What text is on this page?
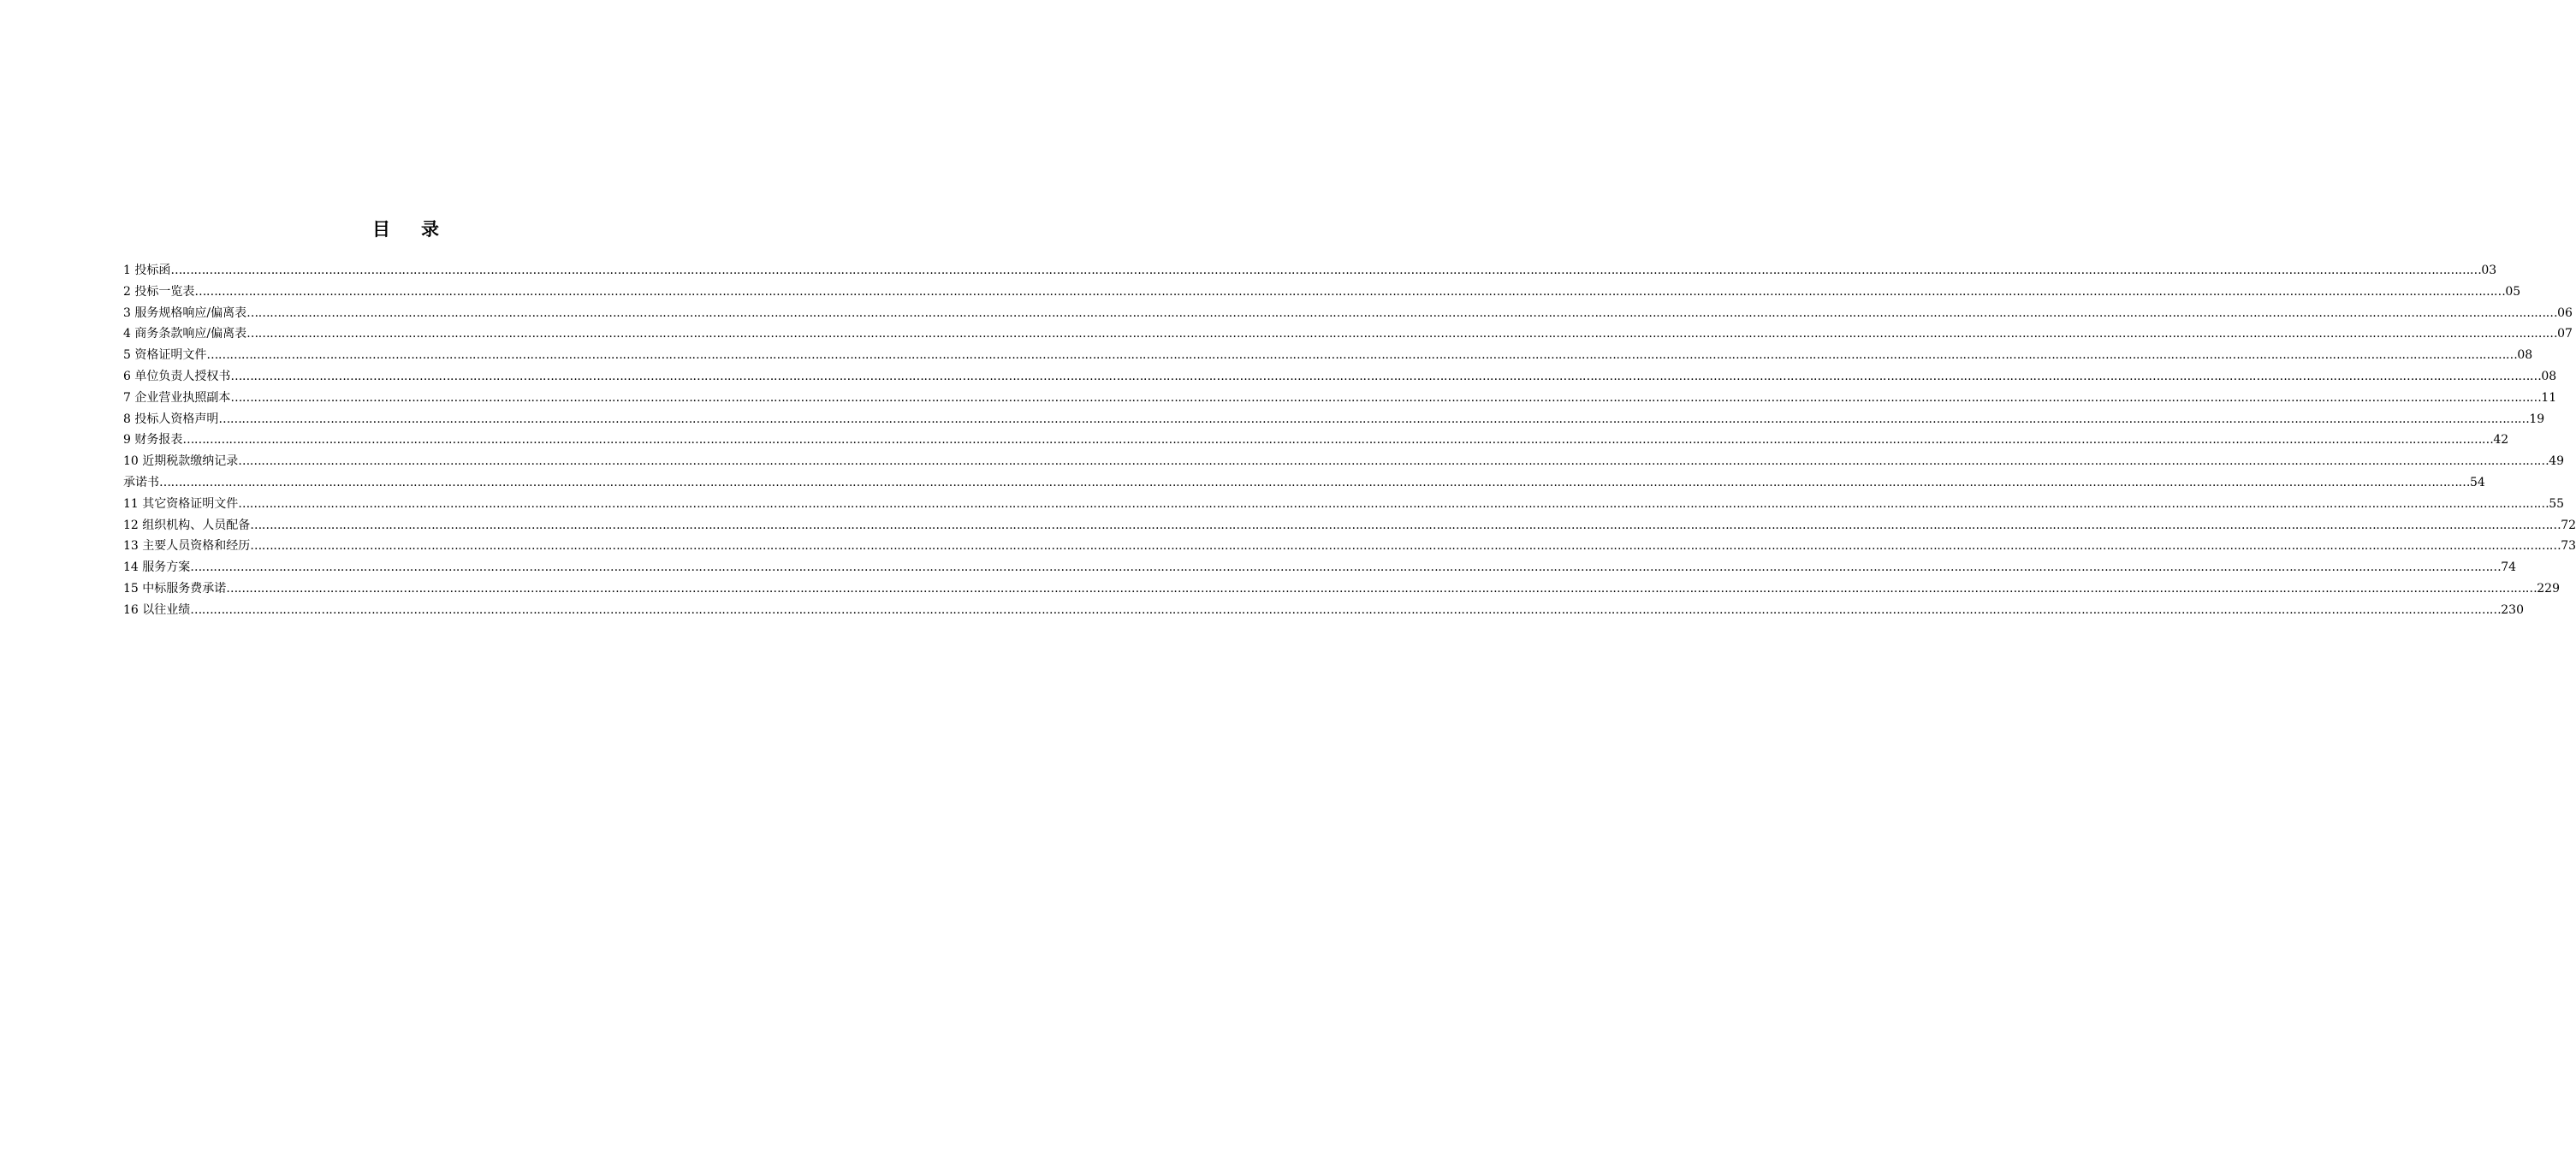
目 录
1 投标函 …………………………………………………………………………………………………………………………………………………………………………………………………………………………………………………………………………………………………………………………………………………………………………………………………………………………………………………………………………………………………………………………………………………… 03
2 投标一览表 …………………………………………………………………………………………………………………………………………………………………………………………………………………………………………………………………………………………………………………………………………………………………………………………………………………………………………………………………………………………………………………………………………………… 05
3 服务规格响应/偏离表 …………………………………………………………………………………………………………………………………………………………………………………………………………………………………………………………………………………………………………………………………………………………………………………………………………………………………………………………………………………………………………………………………………………… 06
4 商务条款响应/偏离表 …………………………………………………………………………………………………………………………………………………………………………………………………………………………………………………………………………………………………………………………………………………………………………………………………………………………………………………………………………………………………………………………………………………… 07
5 资格证明文件 …………………………………………………………………………………………………………………………………………………………………………………………………………………………………………………………………………………………………………………………………………………………………………………………………………………………………………………………………………………………………………………………………………………… 08
6 单位负责人授权书 …………………………………………………………………………………………………………………………………………………………………………………………………………………………………………………………………………………………………………………………………………………………………………………………………………………………………………………………………………………………………………………………………………………… 08
7 企业营业执照副本 …………………………………………………………………………………………………………………………………………………………………………………………………………………………………………………………………………………………………………………………………………………………………………………………………………………………………………………………………………………………………………………………………………………… 11
8 投标人资格声明 …………………………………………………………………………………………………………………………………………………………………………………………………………………………………………………………………………………………………………………………………………………………………………………………………………………………………………………………………………………………………………………………………………………… 19
9 财务报表 …………………………………………………………………………………………………………………………………………………………………………………………………………………………………………………………………………………………………………………………………………………………………………………………………………………………………………………………………………………………………………………………………………………… 42
10 近期税款缴纳记录 …………………………………………………………………………………………………………………………………………………………………………………………………………………………………………………………………………………………………………………………………………………………………………………………………………………………………………………………………………………………………………………………………………………… 49
承诺书 …………………………………………………………………………………………………………………………………………………………………………………………………………………………………………………………………………………………………………………………………………………………………………………………………………………………………………………………………………………………………………………………………………………… 54
11 其它资格证明文件 …………………………………………………………………………………………………………………………………………………………………………………………………………………………………………………………………………………………………………………………………………………………………………………………………………………………………………………………………………………………………………………………………………………… 55
12 组织机构、人员配备 …………………………………………………………………………………………………………………………………………………………………………………………………………………………………………………………………………………………………………………………………………………………………………………………………………………………………………………………………………………………………………………………………………………… 72
13 主要人员资格和经历 …………………………………………………………………………………………………………………………………………………………………………………………………………………………………………………………………………………………………………………………………………………………………………………………………………………………………………………………………………………………………………………………………………………… 73
14 服务方案 …………………………………………………………………………………………………………………………………………………………………………………………………………………………………………………………………………………………………………………………………………………………………………………………………………………………………………………………………………………………………………………………………………………… 74
15 中标服务费承诺 …………………………………………………………………………………………………………………………………………………………………………………………………………………………………………………………………………………………………………………………………………………………………………………………………………………………………………………………………………………………………………………………………………………… 229
16 以往业绩 …………………………………………………………………………………………………………………………………………………………………………………………………………………………………………………………………………………………………………………………………………………………………………………………………………………………………………………………………………………………………………………………………………………… 230
